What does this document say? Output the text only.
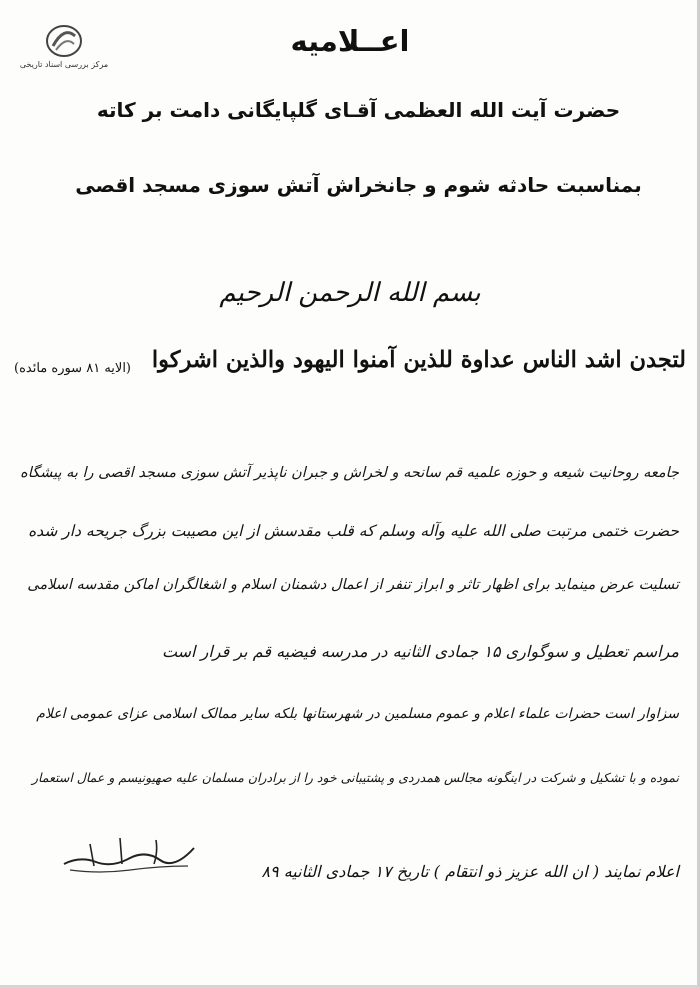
مرکز بررسی اسناد تاریخی
اعــلامیه
حضرت آیت الله العظمی آقـای گلپایگانی دامت بر کاته
بمناسبت حادثه شوم و جانخراش آتش سوزی مسجد اقصی
بسم الله الرحمن الرحیم
لتجدن اشد الناس عداوة للذین آمنوا الیهود والذین اشرکوا
(الایه ۸۱ سوره مائده)
جامعه روحانیت شیعه و حوزه علمیه قم سانحه و لخراش و جبران ناپذیر آتش سوزی مسجد اقصی را به پیشگاه
حضرت ختمی مرتبت صلی الله علیه وآله وسلم که قلب مقدسش از این مصیبت بزرگ جریحه دار شده
تسلیت عرض مینماید برای اظهار تاثر و ابراز تنفر از اعمال دشمنان اسلام و اشغالگران اماکن مقدسه اسلامی
مراسم تعطیل و سوگواری ۱۵ جمادی الثانیه در مدرسه فیضیه قم بر قرار است
سزاوار است حضرات علماء اعلام و عموم مسلمین در شهرستانها بلکه سایر ممالک اسلامی عزای عمومی اعلام
نموده و با تشکیل و شرکت در اینگونه مجالس همدردی و پشتیبانی خود را از برادران مسلمان علیه صهیونیسم و عمال استعمار
اعلام نمایند ( ان الله عزیز ذو انتقام ) تاریخ ۱۷ جمادی الثانیه ۸۹
